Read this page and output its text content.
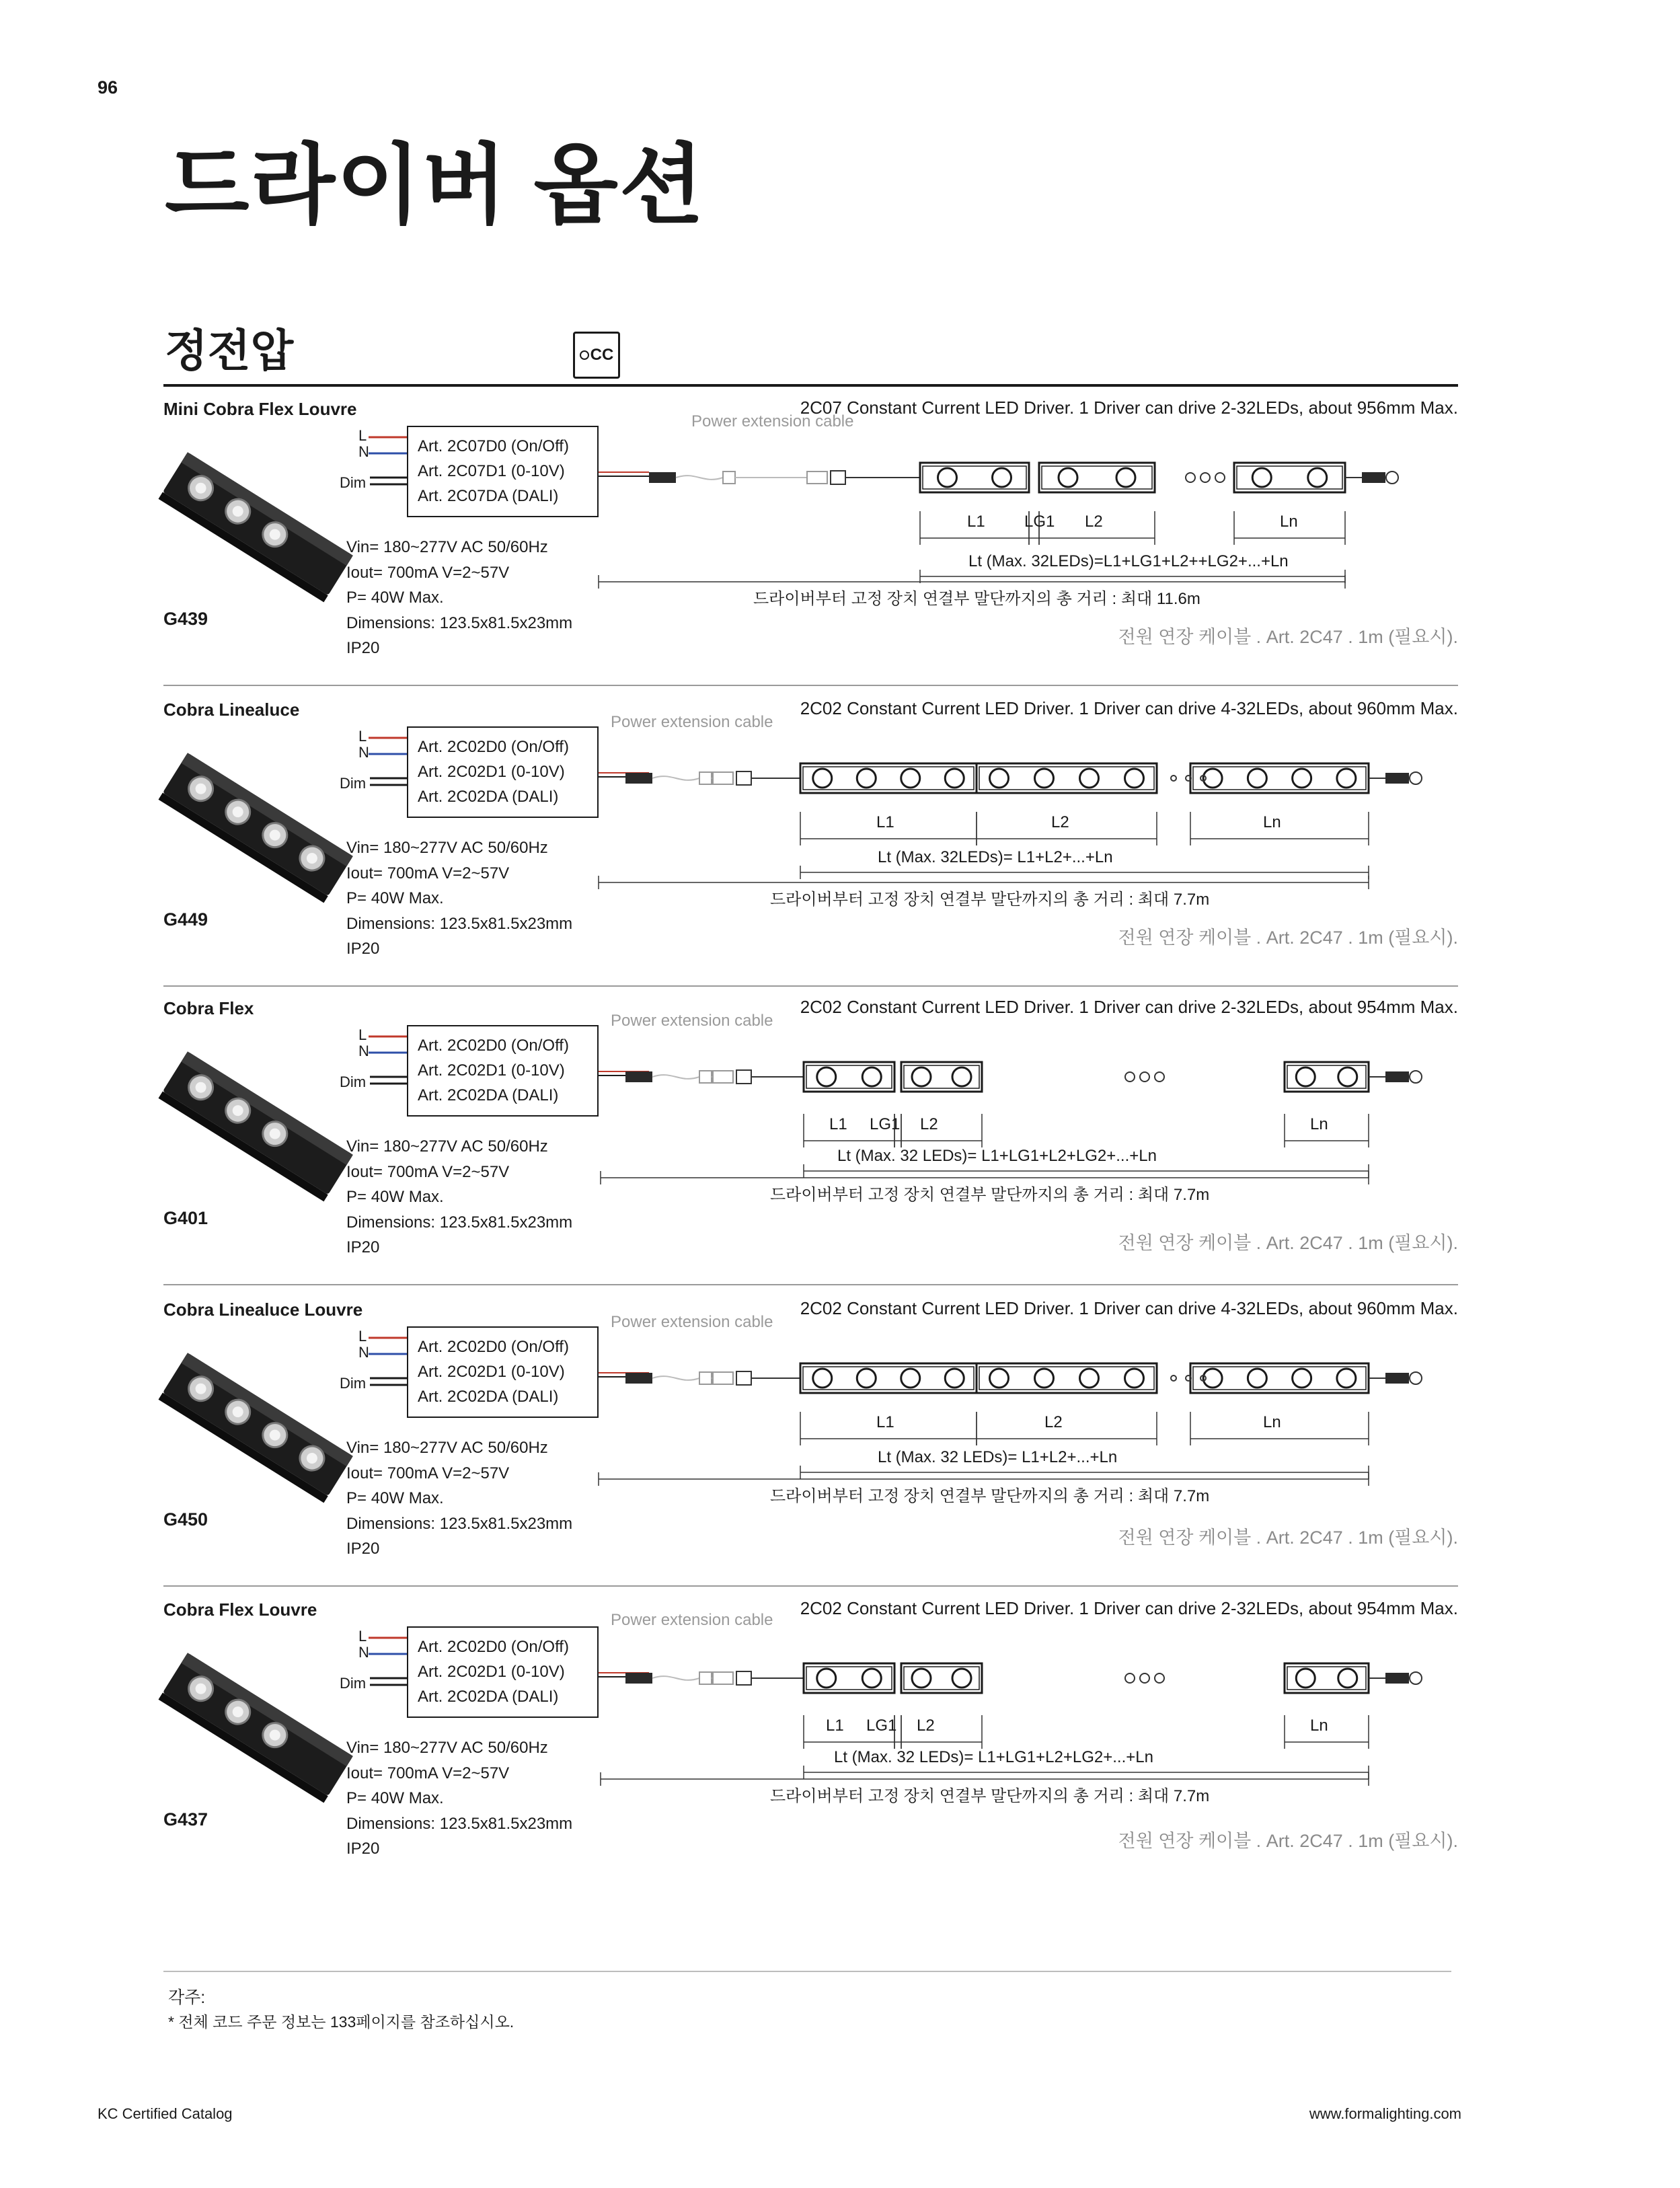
96
드라이버 옵션
정전압	CC
Mini Cobra Flex Louvre	2C07 Constant Current LED Driver. 1 Driver can drive 2-32LEDs, about 956mm Max.
G439
L
N
Dim
Art. 2C07D0 (On/Off)
Art. 2C07D1 (0-10V)
Art. 2C07DA (DALI)
Vin= 180~277V AC 50/60Hz
Iout= 700mA V=2~57V
P= 40W Max.
Dimensions: 123.5x81.5x23mm
IP20
Power extension cable
L1 LG1 L2	Ln
Lt (Max. 32LEDs)=L1+LG1+L2++LG2+...+Ln
드라이버부터 고정 장치 연결부 말단까지의 총 거리 : 최대 11.6m
전원 연장 케이블 . Art. 2C47 . 1m (필요시).
Cobra Linealuce	2C02 Constant Current LED Driver. 1 Driver can drive 4-32LEDs, about 960mm Max.
G449
L
N
Dim
Art. 2C02D0 (On/Off)
Art. 2C02D1 (0-10V)
Art. 2C02DA (DALI)
Vin= 180~277V AC 50/60Hz
Iout= 700mA V=2~57V
P= 40W Max.
Dimensions: 123.5x81.5x23mm
IP20
Power extension cable
L1	L2	Ln
Lt (Max. 32LEDs)= L1+L2+...+Ln
드라이버부터 고정 장치 연결부 말단까지의 총 거리 : 최대 7.7m
전원 연장 케이블 . Art. 2C47 . 1m (필요시).
Cobra Flex	2C02 Constant Current LED Driver. 1 Driver can drive 2-32LEDs, about 954mm Max.
G401
L
N
Dim
Art. 2C02D0 (On/Off)
Art. 2C02D1 (0-10V)
Art. 2C02DA (DALI)
Vin= 180~277V AC 50/60Hz
Iout= 700mA V=2~57V
P= 40W Max.
Dimensions: 123.5x81.5x23mm
IP20
Power extension cable
L1 LG1 L2	Ln
Lt (Max. 32 LEDs)= L1+LG1+L2+LG2+...+Ln
드라이버부터 고정 장치 연결부 말단까지의 총 거리 : 최대 7.7m
전원 연장 케이블 . Art. 2C47 . 1m (필요시).
Cobra Linealuce Louvre	2C02 Constant Current LED Driver. 1 Driver can drive 4-32LEDs, about 960mm Max.
G450
L
N
Dim
Art. 2C02D0 (On/Off)
Art. 2C02D1 (0-10V)
Art. 2C02DA (DALI)
Vin= 180~277V AC 50/60Hz
Iout= 700mA V=2~57V
P= 40W Max.
Dimensions: 123.5x81.5x23mm
IP20
Power extension cable
L1	L2	Ln
Lt (Max. 32 LEDs)= L1+L2+...+Ln
드라이버부터 고정 장치 연결부 말단까지의 총 거리 : 최대 7.7m
전원 연장 케이블 . Art. 2C47 . 1m (필요시).
Cobra Flex Louvre	2C02 Constant Current LED Driver. 1 Driver can drive 2-32LEDs, about 954mm Max.
G437
L
N
Dim
Art. 2C02D0 (On/Off)
Art. 2C02D1 (0-10V)
Art. 2C02DA (DALI)
Vin= 180~277V AC 50/60Hz
Iout= 700mA V=2~57V
P= 40W Max.
Dimensions: 123.5x81.5x23mm
IP20
Power extension cable
L1 LG1 L2	Ln
Lt (Max. 32 LEDs)= L1+LG1+L2+LG2+...+Ln
드라이버부터 고정 장치 연결부 말단까지의 총 거리 : 최대 7.7m
전원 연장 케이블 . Art. 2C47 . 1m (필요시).
각주:
* 전체 코드 주문 정보는 133페이지를 참조하십시오.
KC Certified Catalog	www.formalighting.com
